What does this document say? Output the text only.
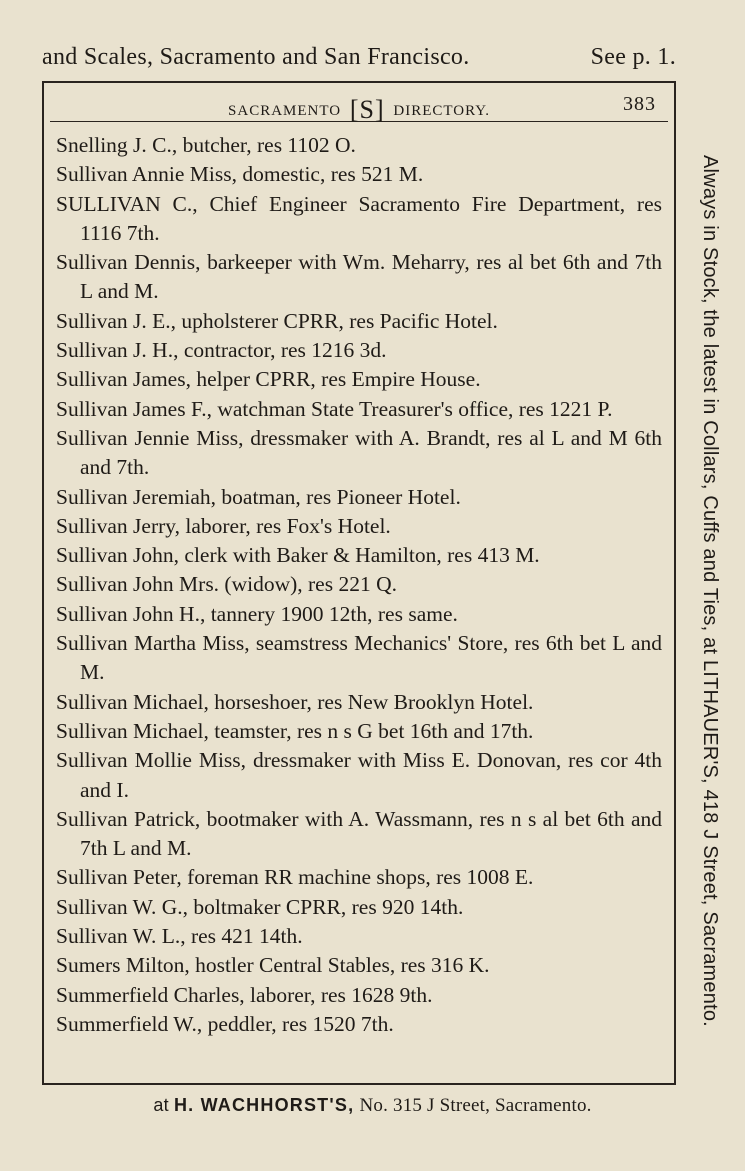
and Scales, Sacramento and San Francisco.	See p. 1.
SACRAMENTO [S] DIRECTORY.	383

Snelling J. C., butcher, res 1102 O.

Sullivan Annie Miss, domestic, res 521 M.

SULLIVAN C., Chief Engineer Sacramento Fire Department, res 1116 7th.

Sullivan Dennis, barkeeper with Wm. Meharry, res al bet 6th and 7th L and M.

Sullivan J. E., upholsterer CPRR, res Pacific Hotel.

Sullivan J. H., contractor, res 1216 3d.

Sullivan James, helper CPRR, res Empire House.

Sullivan James F., watchman State Treasurer's office, res 1221 P.

Sullivan Jennie Miss, dressmaker with A. Brandt, res al L and M 6th and 7th.

Sullivan Jeremiah, boatman, res Pioneer Hotel.

Sullivan Jerry, laborer, res Fox's Hotel.

Sullivan John, clerk with Baker & Hamilton, res 413 M.

Sullivan John Mrs. (widow), res 221 Q.

Sullivan John H., tannery 1900 12th, res same.

Sullivan Martha Miss, seamstress Mechanics' Store, res 6th bet L and M.

Sullivan Michael, horseshoer, res New Brooklyn Hotel.

Sullivan Michael, teamster, res n s G bet 16th and 17th.

Sullivan Mollie Miss, dressmaker with Miss E. Donovan, res cor 4th and I.

Sullivan Patrick, bootmaker with A. Wassmann, res n s al bet 6th and 7th L and M.

Sullivan Peter, foreman RR machine shops, res 1008 E.

Sullivan W. G., boltmaker CPRR, res 920 14th.

Sullivan W. L., res 421 14th.

Sumers Milton, hostler Central Stables, res 316 K.

Summerfield Charles, laborer, res 1628 9th.

Summerfield W., peddler, res 1520 7th.	Always in Stock, the latest in Collars, Cuffs and Ties, at LITHAUER'S, 418 J Street, Sacramento.
at H. WACHHORST'S, No. 315 J Street, Sacramento.
